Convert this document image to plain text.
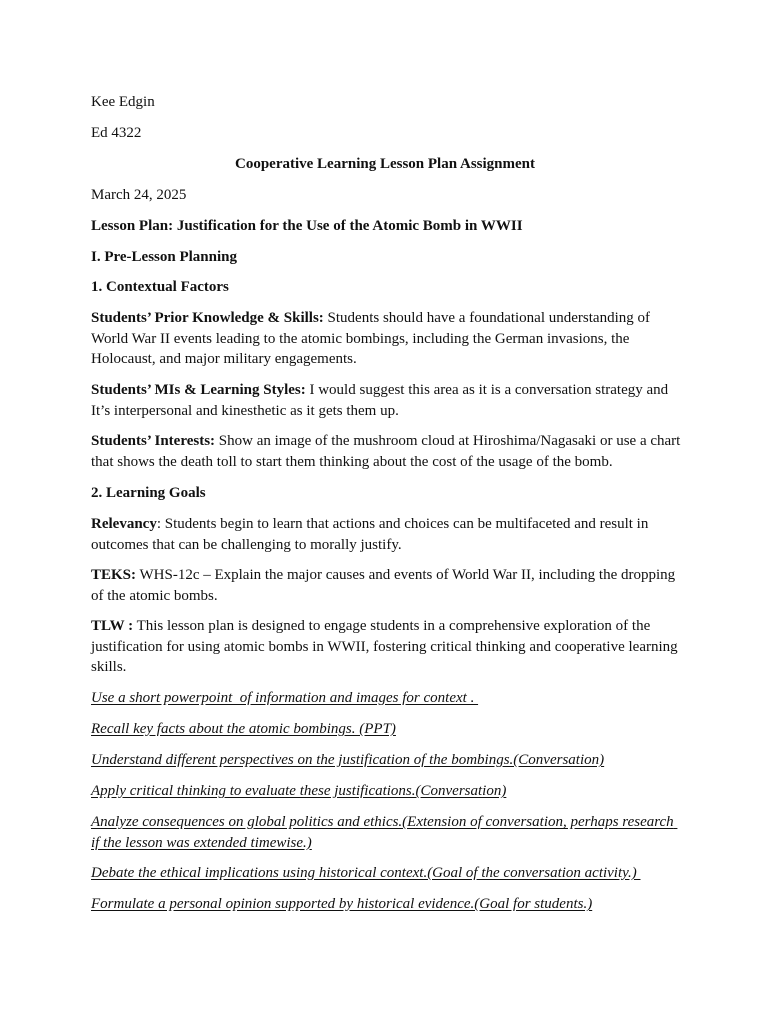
Kee Edgin

Ed 4322

Cooperative Learning Lesson Plan Assignment

March 24, 2025

Lesson Plan: Justification for the Use of the Atomic Bomb in WWII

I. Pre-Lesson Planning

1. Contextual Factors

Students’ Prior Knowledge & Skills: Students should have a foundational understanding of World War II events leading to the atomic bombings, including the German invasions, the Holocaust, and major military engagements.

Students’ MIs & Learning Styles: I would suggest this area as it is a conversation strategy and It’s interpersonal and kinesthetic as it gets them up.

Students’ Interests: Show an image of the mushroom cloud at Hiroshima/Nagasaki or use a chart that shows the death toll to start them thinking about the cost of the usage of the bomb.

2. Learning Goals

Relevancy: Students begin to learn that actions and choices can be multifaceted and result in outcomes that can be challenging to morally justify.

TEKS: WHS-12c – Explain the major causes and events of World War II, including the dropping of the atomic bombs.

TLW : This lesson plan is designed to engage students in a comprehensive exploration of the justification for using atomic bombs in WWII, fostering critical thinking and cooperative learning skills.

Use a short powerpoint  of information and images for context .

Recall key facts about the atomic bombings. (PPT)

Understand different perspectives on the justification of the bombings.(Conversation)

Apply critical thinking to evaluate these justifications.(Conversation)

Analyze consequences on global politics and ethics.(Extension of conversation, perhaps research if the lesson was extended timewise.)

Debate the ethical implications using historical context.(Goal of the conversation activity.)

Formulate a personal opinion supported by historical evidence.(Goal for students.)
